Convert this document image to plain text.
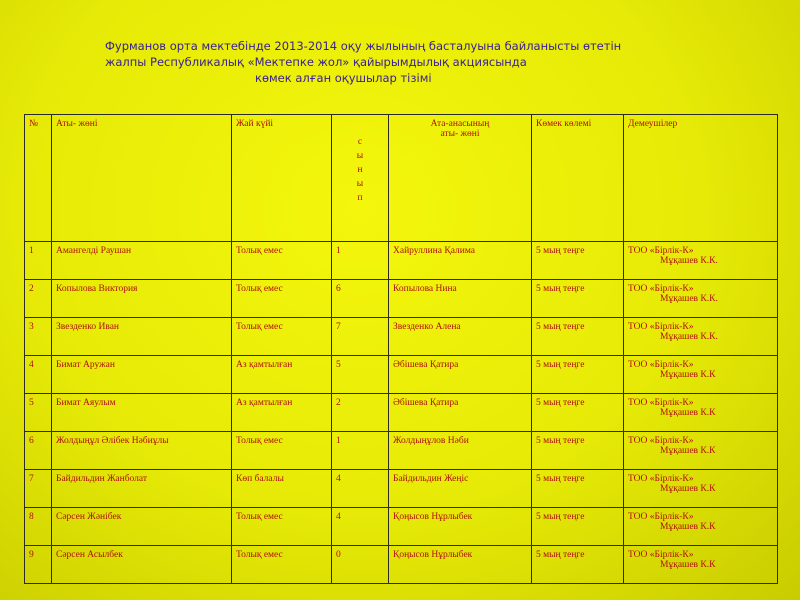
Фурманов орта мектебінде 2013-2014 оқу жылының басталуына байланысты өтетін
жалпы Республикалық «Мектепке жол» қайырымдылық акциясында
көмек алған оқушылар тізімі
№	Аты- жөні	Жай күйі	сынып	Ата-анасының
аты- жөні	Көмек көлемі	Демеушілер
1	Амангелді Раушан	Толық емес	1	Хайруллина Қалима	5 мың теңге	ТОО «Бірлік-К»
Мұқашев К.К.

2	Копылова Виктория	Толық емес	6	Копылова Нина	5 мың теңге	ТОО «Бірлік-К»
Мұқашев К.К.

3	Звезденко Иван	Толық емес	7	Звезденко Алена	5 мың теңге	ТОО «Бірлік-К»
Мұқашев К.К.

4	Бимат Аружан	Аз қамтылған	5	Әбішева Қатира	5 мың теңге	ТОО «Бірлік-К»
Мұқашев К.К

5	Бимат Аяулым	Аз қамтылған	2	Әбішева Қатира	5 мың теңге	ТОО «Бірлік-К»
Мұқашев К.К

6	Жолдыңұл Әлібек Нәбиұлы	Толық емес	1	Жолдыңұлов Нәби	5 мың теңге	ТОО «Бірлік-К»
Мұқашев К.К

7	Байдильдин Жанболат	Көп балалы	4	Байдильдин Жеңіс	5 мың теңге	ТОО «Бірлік-К»
Мұқашев К.К

8	Сәрсен Жәнібек	Толық емес	4	Қоңысов Нұрлыбек	5 мың теңге	ТОО «Бірлік-К»
Мұқашев К.К

9	Сәрсен Асылбек	Толық емес	0	Қоңысов Нұрлыбек	5 мың теңге	ТОО «Бірлік-К»
Мұқашев К.К
